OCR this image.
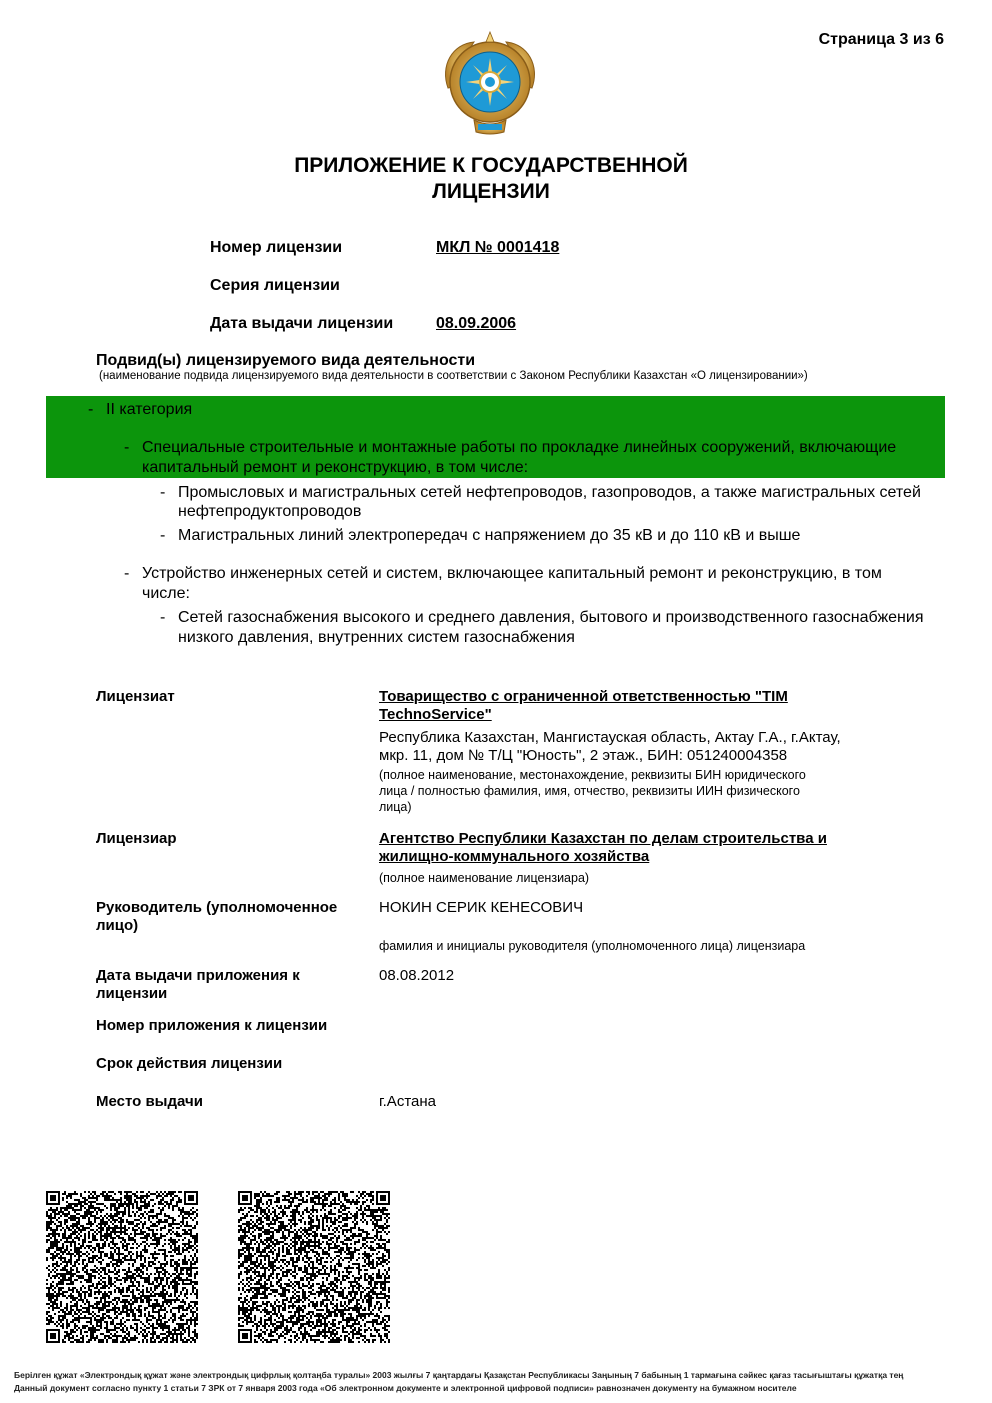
Страница 3 из 6
ПРИЛОЖЕНИЕ К ГОСУДАРСТВЕННОЙ
ЛИЦЕНЗИИ
Номер лицензии	МКЛ № 0001418
Серия лицензии
Дата выдачи лицензии	08.09.2006
Подвид(ы) лицензируемого вида деятельности
(наименование подвида лицензируемого вида деятельности в соответствии с Законом Республики Казахстан «О лицензировании»)
- II категория
- Специальные строительные и монтажные работы по прокладке линейных сооружений, включающие
капитальный ремонт и реконструкцию, в том числе:
- Промысловых и магистральных сетей нефтепроводов, газопроводов, а также магистральных сетей
нефтепродуктопроводов
- Магистральных линий электропередач с напряжением до 35 кВ и до 110 кВ и выше
- Устройство инженерных сетей и систем, включающее капитальный ремонт и реконструкцию, в том
числе:
- Сетей газоснабжения высокого и среднего давления, бытового и производственного газоснабжения
низкого давления, внутренних систем газоснабжения
Лицензиат	Товарищество с ограниченной ответственностью "TIM
TechnoService"
Республика Казахстан, Мангистауская область, Актау Г.А., г.Актау,
мкр. 11, дом № Т/Ц "Юность", 2 этаж., БИН: 051240004358
(полное наименование, местонахождение, реквизиты БИН юридического
лица / полностью фамилия, имя, отчество, реквизиты ИИН физического
лица)
Лицензиар	Агентство Республики Казахстан по делам строительства и
жилищно-коммунального хозяйства
(полное наименование лицензиара)
Руководитель (уполномоченное
лицо)
НОКИН СЕРИК КЕНЕСОВИЧ
фамилия и инициалы руководителя (уполномоченного лица) лицензиара
Дата выдачи приложения к
лицензии
08.08.2012
Номер приложения к лицензии
Срок действия лицензии
Место выдачи	г.Астана
Берілген құжат «Электрондық құжат және электрондық цифрлық қолтаңба туралы» 2003 жылғы 7 қаңтардағы Қазақстан Республикасы Заңының 7 бабының 1 тармағына сәйкес қағаз тасығыштағы құжатқа тең
Данный документ согласно пункту 1 статьи 7 ЗРК от 7 января 2003 года «Об электронном документе и электронной цифровой подписи» равнозначен документу на бумажном носителе
